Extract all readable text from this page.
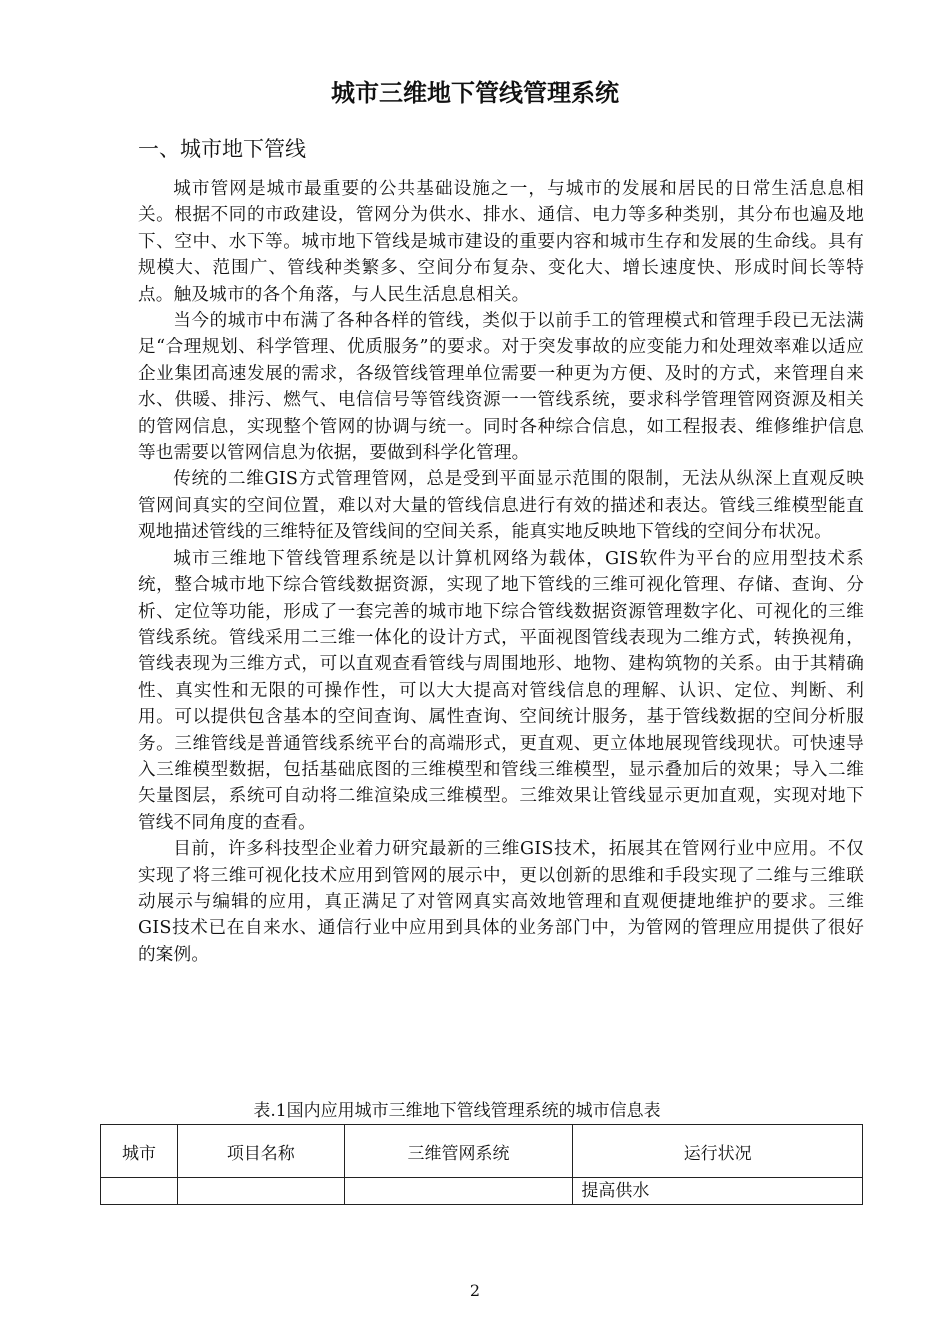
城市三维地下管线管理系统
一、城市地下管线

城市管网是城市最重要的公共基础设施之一，与城市的发展和居民的日常生活息息相关。根据不同的市政建设，管网分为供水、排水、通信、电力等多种类别，其分布也遍及地下、空中、水下等。城市地下管线是城市建设的重要内容和城市生存和发展的生命线。具有规模大、范围广、管线种类繁多、空间分布复杂、变化大、增长速度快、形成时间长等特点。触及城市的各个角落，与人民生活息息相关。

当今的城市中布满了各种各样的管线，类似于以前手工的管理模式和管理手段已无法满足“合理规划、科学管理、优质服务”的要求。对于突发事故的应变能力和处理效率难以适应企业集团高速发展的需求，各级管线管理单位需要一种更为方便、及时的方式，来管理自来水、供暖、排污、燃气、电信信号等管线资源一一管线系统，要求科学管理管网资源及相关的管网信息，实现整个管网的协调与统一。同时各种综合信息，如工程报表、维修维护信息等也需要以管网信息为依据，要做到科学化管理。

传统的二维GIS方式管理管网，总是受到平面显示范围的限制，无法从纵深上直观反映管网间真实的空间位置，难以对大量的管线信息进行有效的描述和表达。管线三维模型能直观地描述管线的三维特征及管线间的空间关系，能真实地反映地下管线的空间分布状况。

城市三维地下管线管理系统是以计算机网络为载体，GIS软件为平台的应用型技术系统，整合城市地下综合管线数据资源，实现了地下管线的三维可视化管理、存储、查询、分析、定位等功能，形成了一套完善的城市地下综合管线数据资源管理数字化、可视化的三维管线系统。管线采用二三维一体化的设计方式，平面视图管线表现为二维方式，转换视角，管线表现为三维方式，可以直观查看管线与周围地形、地物、建构筑物的关系。由于其精确性、真实性和无限的可操作性，可以大大提高对管线信息的理解、认识、定位、判断、利用。可以提供包含基本的空间查询、属性查询、空间统计服务，基于管线数据的空间分析服务。三维管线是普通管线系统平台的高端形式，更直观、更立体地展现管线现状。可快速导入三维模型数据，包括基础底图的三维模型和管线三维模型，显示叠加后的效果；导入二维矢量图层，系统可自动将二维渲染成三维模型。三维效果让管线显示更加直观，实现对地下管线不同角度的查看。

目前，许多科技型企业着力研究最新的三维GIS技术，拓展其在管网行业中应用。不仅实现了将三维可视化技术应用到管网的展示中，更以创新的思维和手段实现了二维与三维联动展示与编辑的应用，真正满足了对管网真实高效地管理和直观便捷地维护的要求。三维GIS技术已在自来水、通信行业中应用到具体的业务部门中，为管网的管理应用提供了很好的案例。

表.1国内应用城市三维地下管线管理系统的城市信息表
城市	项目名称	三维管网系统	运行状况
			提高供水
2
